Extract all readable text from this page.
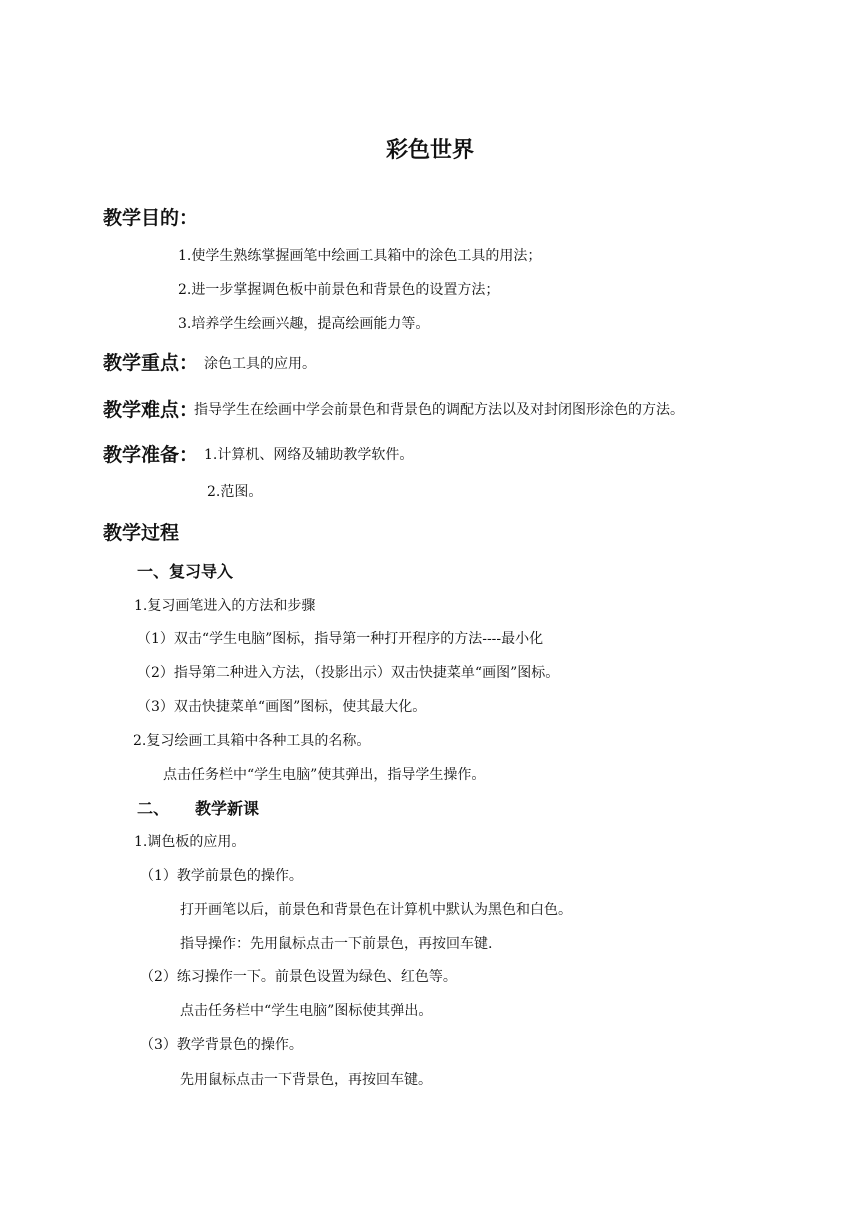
彩色世界
教学目的：
1.使学生熟练掌握画笔中绘画工具箱中的涂色工具的用法；
2.进一步掌握调色板中前景色和背景色的设置方法；
3.培养学生绘画兴趣，提高绘画能力等。
教学重点： 涂色工具的应用。
教学难点：
指导学生在绘画中学会前景色和背景色的调配方法以及对封闭图形涂色的方法。
教学准备： 1.计算机、网络及辅助教学软件。
2.范图。
教学过程
一、复习导入
1.复习画笔进入的方法和步骤
（1）双击“学生电脑”图标，指导第一种打开程序的方法----最小化
（2）指导第二种进入方法，（投影出示）双击快捷菜单“画图”图标。
（3）双击快捷菜单“画图”图标，使其最大化。
2.复习绘画工具箱中各种工具的名称。
点击任务栏中“学生电脑”使其弹出，指导学生操作。
二、 教学新课
1.调色板的应用。
（1）教学前景色的操作。
打开画笔以后，前景色和背景色在计算机中默认为黑色和白色。
指导操作：先用鼠标点击一下前景色，再按回车键.
（2）练习操作一下。前景色设置为绿色、红色等。
点击任务栏中“学生电脑”图标使其弹出。
（3）教学背景色的操作。
先用鼠标点击一下背景色，再按回车键。
